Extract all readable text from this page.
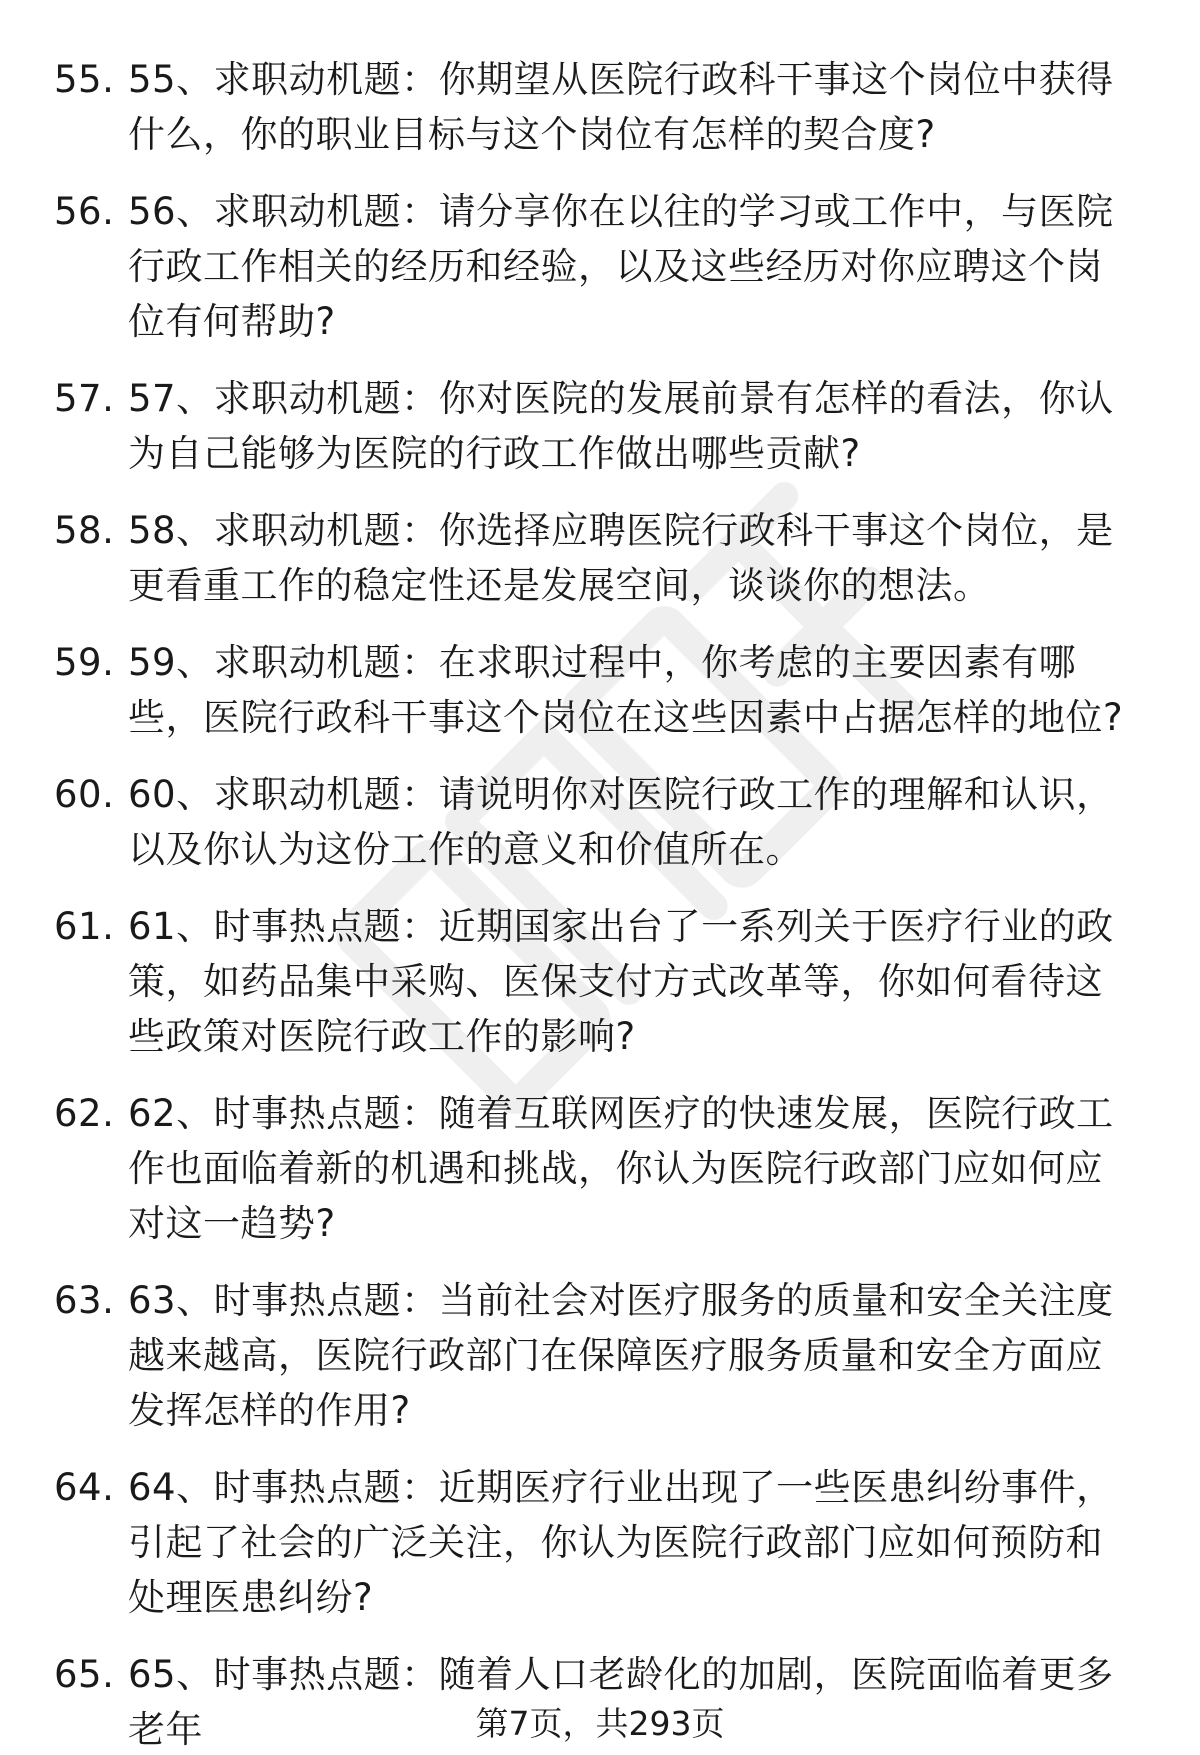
55. 55、求职动机题：你期望从医院行政科干事这个岗位中获得什么，你的职业目标与这个岗位有怎样的契合度?
56. 56、求职动机题：请分享你在以往的学习或工作中，与医院行政工作相关的经历和经验，以及这些经历对你应聘这个岗位有何帮助?
57. 57、求职动机题：你对医院的发展前景有怎样的看法，你认为自己能够为医院的行政工作做出哪些贡献?
58. 58、求职动机题：你选择应聘医院行政科干事这个岗位，是更看重工作的稳定性还是发展空间，谈谈你的想法。
59. 59、求职动机题：在求职过程中，你考虑的主要因素有哪些，医院行政科干事这个岗位在这些因素中占据怎样的地位?
60. 60、求职动机题：请说明你对医院行政工作的理解和认识，以及你认为这份工作的意义和价值所在。
61. 61、时事热点题：近期国家出台了一系列关于医疗行业的政策，如药品集中采购、医保支付方式改革等，你如何看待这些政策对医院行政工作的影响?
62. 62、时事热点题：随着互联网医疗的快速发展，医院行政工作也面临着新的机遇和挑战，你认为医院行政部门应如何应对这一趋势?
63. 63、时事热点题：当前社会对医疗服务的质量和安全关注度越来越高，医院行政部门在保障医疗服务质量和安全方面应发挥怎样的作用?
64. 64、时事热点题：近期医疗行业出现了一些医患纠纷事件，引起了社会的广泛关注，你认为医院行政部门应如何预防和处理医患纠纷?
65. 65、时事热点题：随着人口老龄化的加剧，医院面临着更多老年	第7页，共293页
